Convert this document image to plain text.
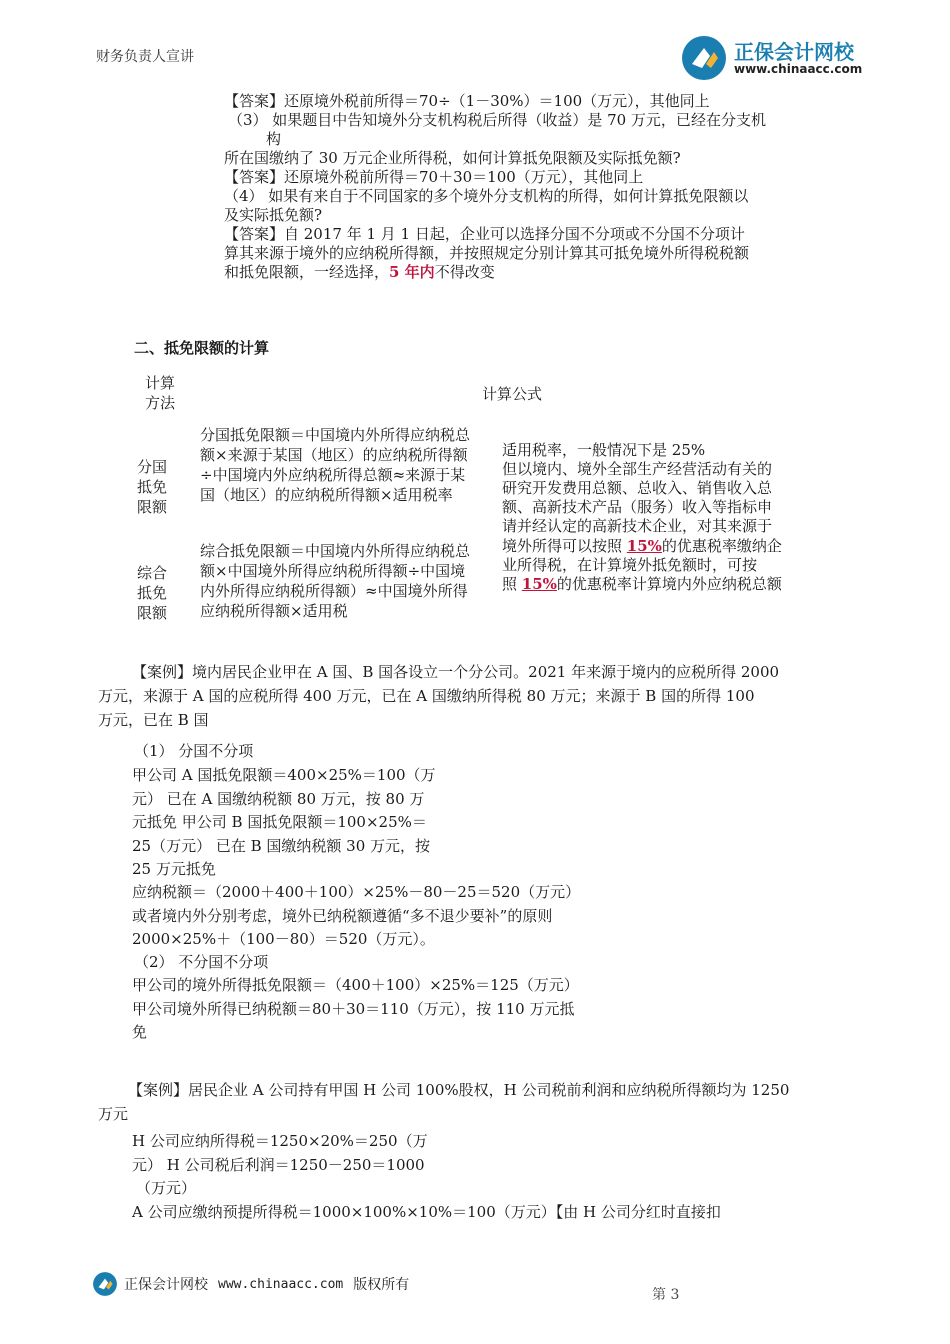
财务负责人宣讲	正保会计网校
www.chinaacc.com
【答案】还原境外税前所得＝70÷（1－30%）＝100（万元），其他同上
（3） 如果题目中告知境外分支机构税后所得（收益）是 70 万元，已经在分支机
构
所在国缴纳了 30 万元企业所得税，如何计算抵免限额及实际抵免额?
【答案】还原境外税前所得＝70＋30＝100（万元），其他同上
（4） 如果有来自于不同国家的多个境外分支机构的所得，如何计算抵免限额以
及实际抵免额?
【答案】自 2017 年 1 月 1 日起，企业可以选择分国不分项或不分国不分项计
算其来源于境外的应纳税所得额，并按照规定分别计算其可抵免境外所得税税额
和抵免限额，一经选择，5 年内不得改变
二、抵免限额的计算
计算方法	计算公式
分国抵免限额
分国抵免限额＝中国境内外所得应纳税总额×来源于某国（地区）的应纳税所得额÷中国境内外应纳税所得总额≈来源于某国（地区）的应纳税所得额×适用税率
综合抵免限额
综合抵免限额＝中国境内外所得应纳税总额×中国境外所得应纳税所得额÷中国境内外所得应纳税所得额）≈中国境外所得应纳税所得额×适用税
适用税率，一般情况下是 25%
但以境内、境外全部生产经营活动有关的
研究开发费用总额、总收入、销售收入总
额、高新技术产品（服务）收入等指标申
请并经认定的高新技术企业，对其来源于
境外所得可以按照 15%的优惠税率缴纳企
业所得税，在计算境外抵免额时，可按
照 15%的优惠税率计算境内外应纳税总额
【案例】境内居民企业甲在 A 国、B 国各设立一个分公司。2021 年来源于境内的应税所得 2000
万元，来源于 A 国的应税所得 400 万元，已在 A 国缴纳所得税 80 万元；来源于 B 国的所得 100
万元，已在 B 国
（1） 分国不分项
甲公司 A 国抵免限额＝400×25%＝100（万
元） 已在 A 国缴纳税额 80 万元，按 80 万
元抵免 甲公司 B 国抵免限额＝100×25%＝
25（万元） 已在 B 国缴纳税额 30 万元，按
25 万元抵免
应纳税额＝（2000＋400＋100）×25%－80－25＝520（万元）
或者境内外分别考虑，境外已纳税额遵循“多不退少要补”的原则
2000×25%＋（100－80）＝520（万元）。
（2） 不分国不分项
甲公司的境外所得抵免限额＝（400＋100）×25%＝125（万元）
甲公司境外所得已纳税额＝80＋30＝110（万元），按 110 万元抵
免
【案例】居民企业 A 公司持有甲国 H 公司 100%股权，H 公司税前利润和应纳税所得额均为 1250
万元
H 公司应纳所得税＝1250×20%＝250（万
元） H 公司税后利润＝1250－250＝1000
（万元）
A 公司应缴纳预提所得税＝1000×100%×10%＝100（万元）【由 H 公司分红时直接扣
正保会计网校 www.chinaacc.com 版权所有
第 3
